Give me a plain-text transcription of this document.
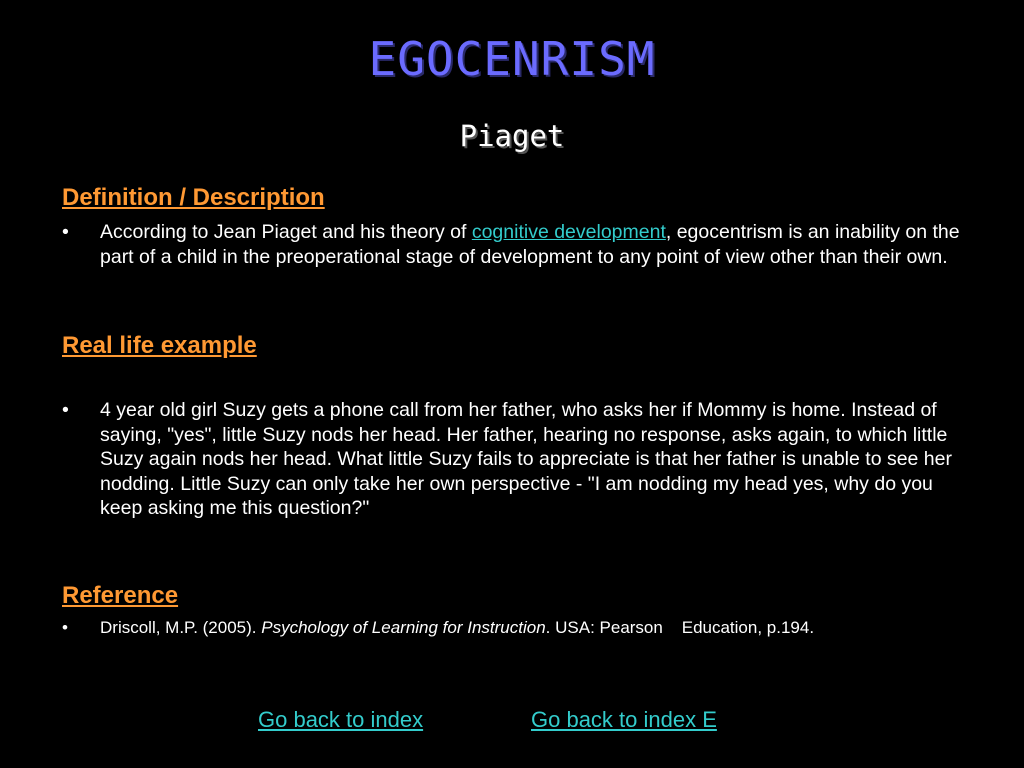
EGOCENRISM
Piaget
Definition / Description
• According to Jean Piaget and his theory of cognitive development, egocentrism is an inability on the part of a child in the preoperational stage of development to any point of view other than their own.
Real life example
• 4 year old girl Suzy gets a phone call from her father, who asks her if Mommy is home. Instead of saying, "yes", little Suzy nods her head. Her father, hearing no response, asks again, to which little Suzy again nods her head. What little Suzy fails to appreciate is that her father is unable to see her nodding. Little Suzy can only take her own perspective - "I am nodding my head yes, why do you keep asking me this question?"
Reference
• Driscoll, M.P. (2005). Psychology of Learning for Instruction. USA: Pearson    Education, p.194.
Go back to index	Go back to index E
